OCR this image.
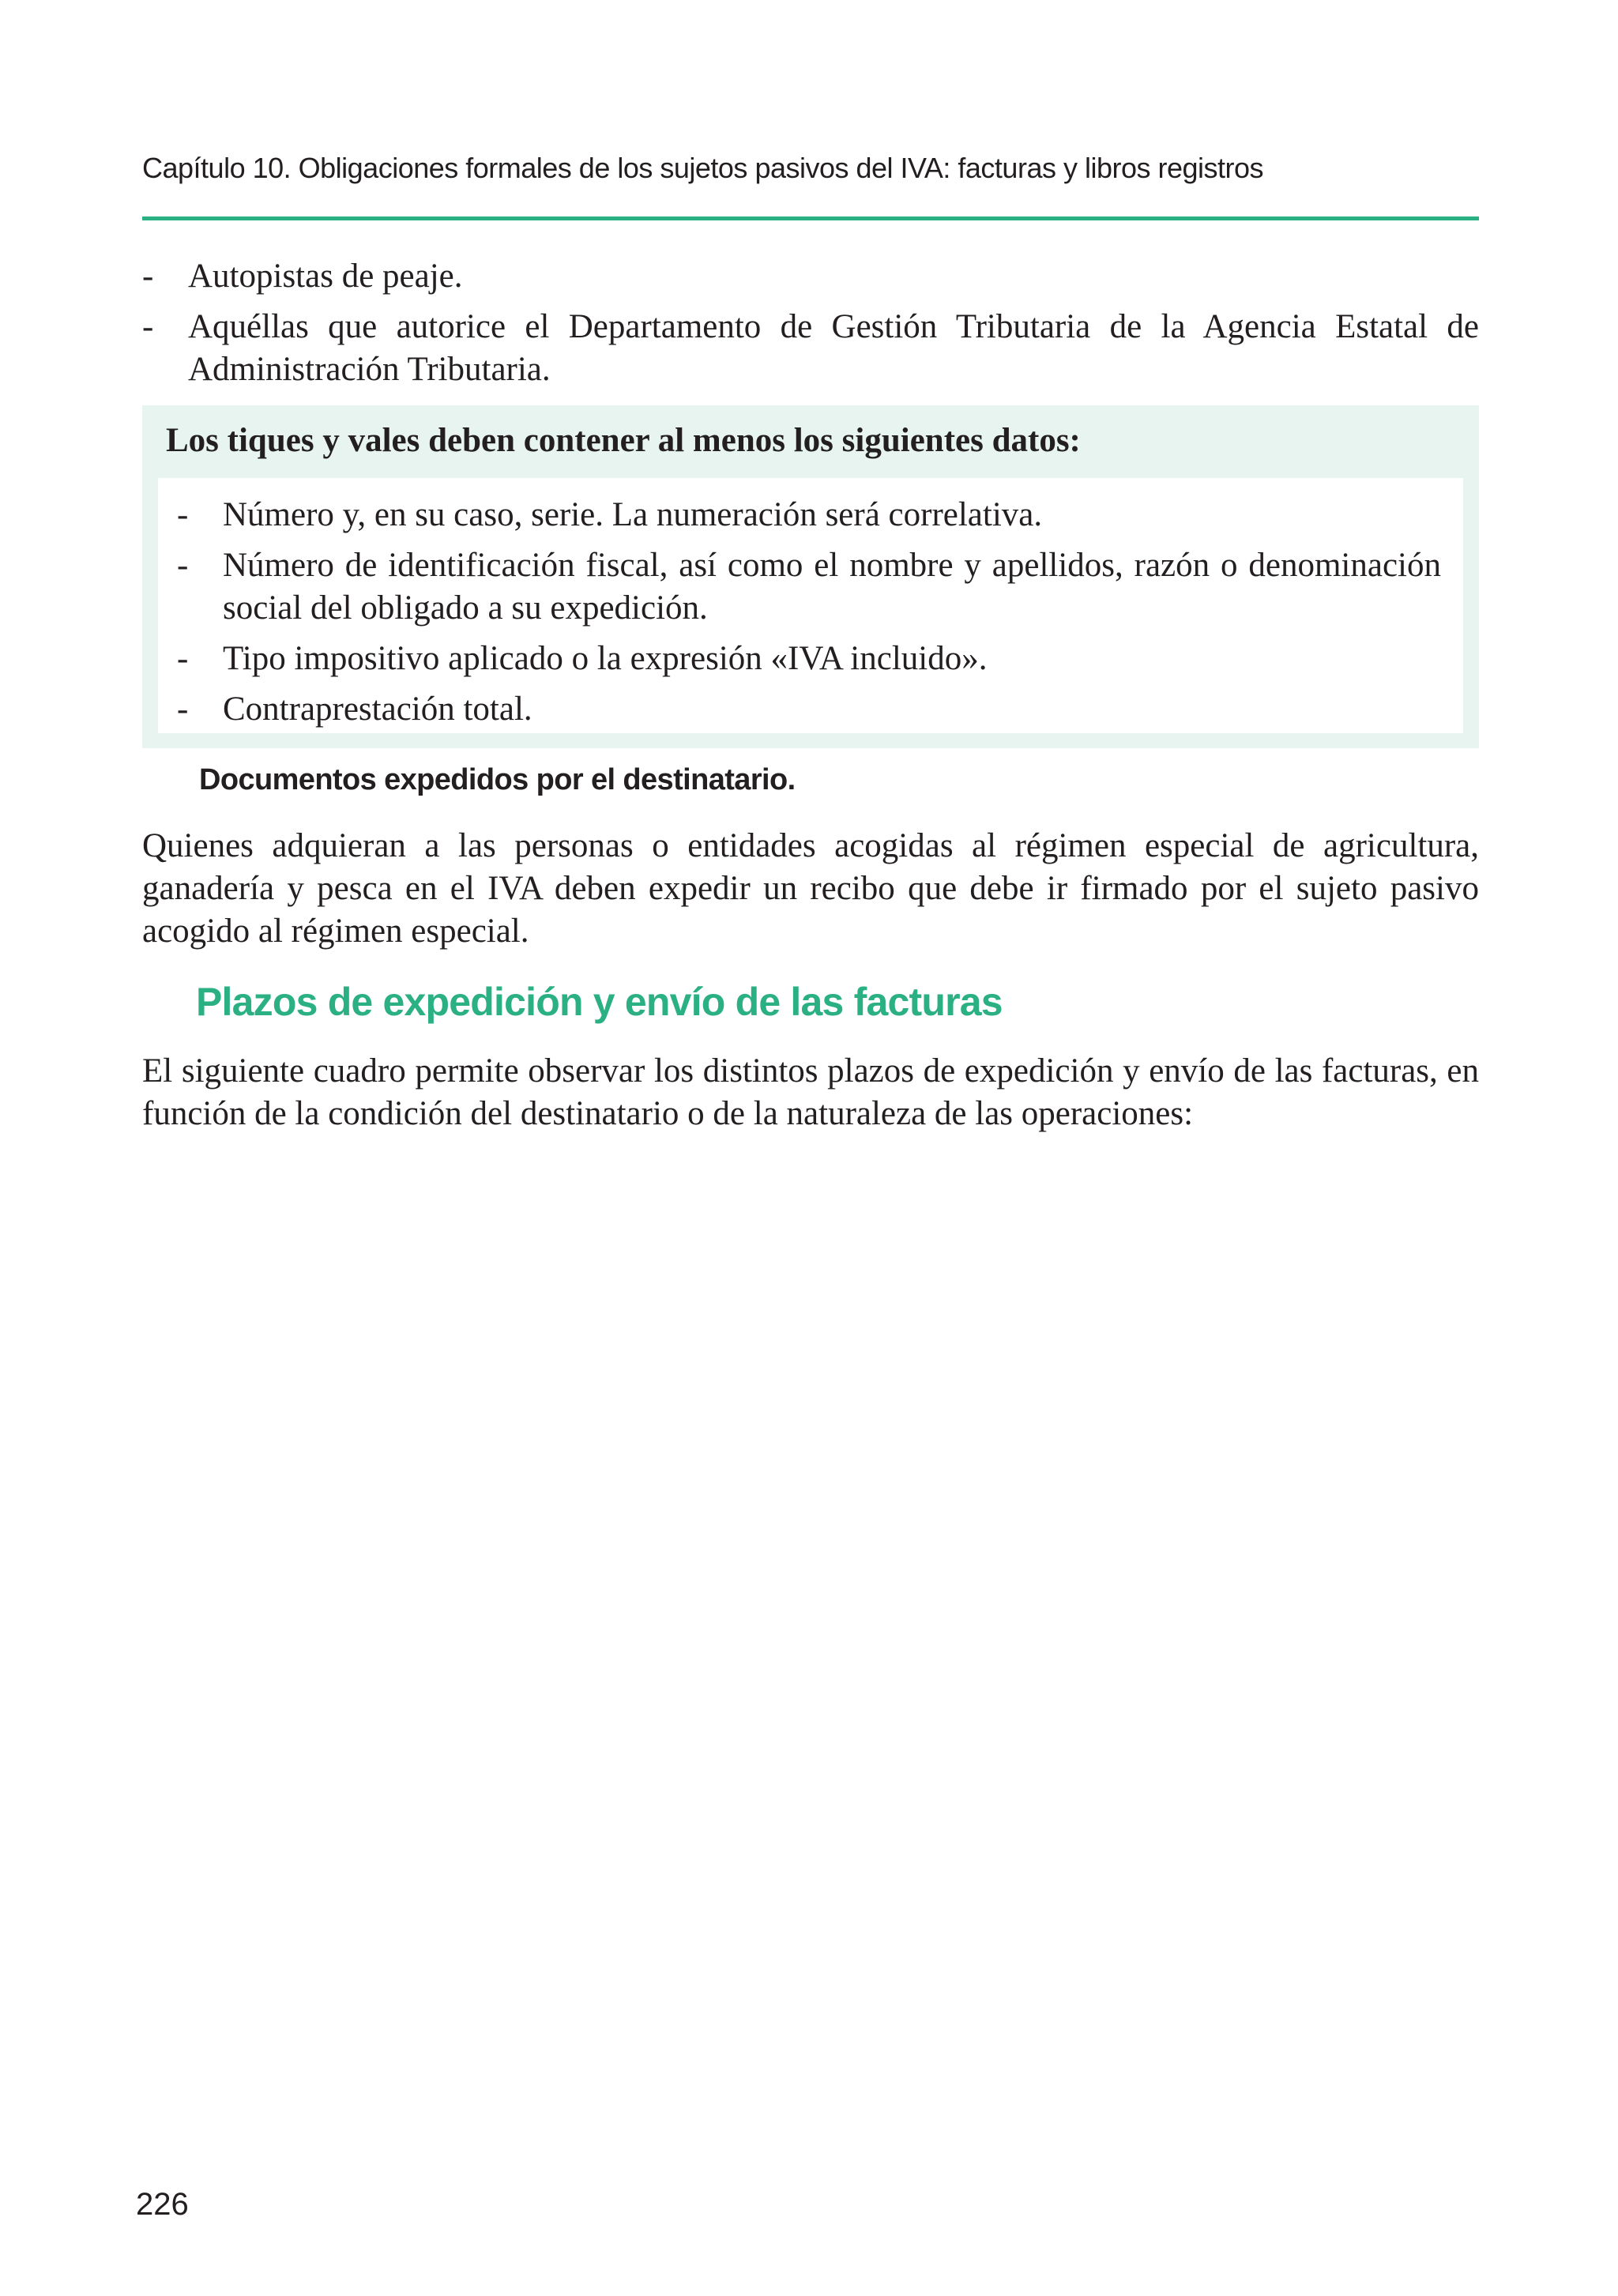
Capítulo 10. Obligaciones formales de los sujetos pasivos del IVA: facturas y libros registros
- Autopistas de peaje.
- Aquéllas que autorice el Departamento de Gestión Tributaria de la Agencia Estatal de Administración Tributaria.
Los tiques y vales deben contener al menos los siguientes datos:
- Número y, en su caso, serie. La numeración será correlativa.
- Número de identificación fiscal, así como el nombre y apellidos, razón o denominación social del obligado a su expedición.
- Tipo impositivo aplicado o la expresión «IVA incluido».
- Contraprestación total.
Documentos expedidos por el destinatario.

Quienes adquieran a las personas o entidades acogidas al régimen especial de agricultura, ganadería y pesca en el IVA deben expedir un recibo que debe ir firmado por el sujeto pasivo acogido al régimen especial.

Plazos de expedición y envío de las facturas

El siguiente cuadro permite observar los distintos plazos de expedición y envío de las facturas, en función de la condición del destinatario o de la naturaleza de las operaciones:

226
